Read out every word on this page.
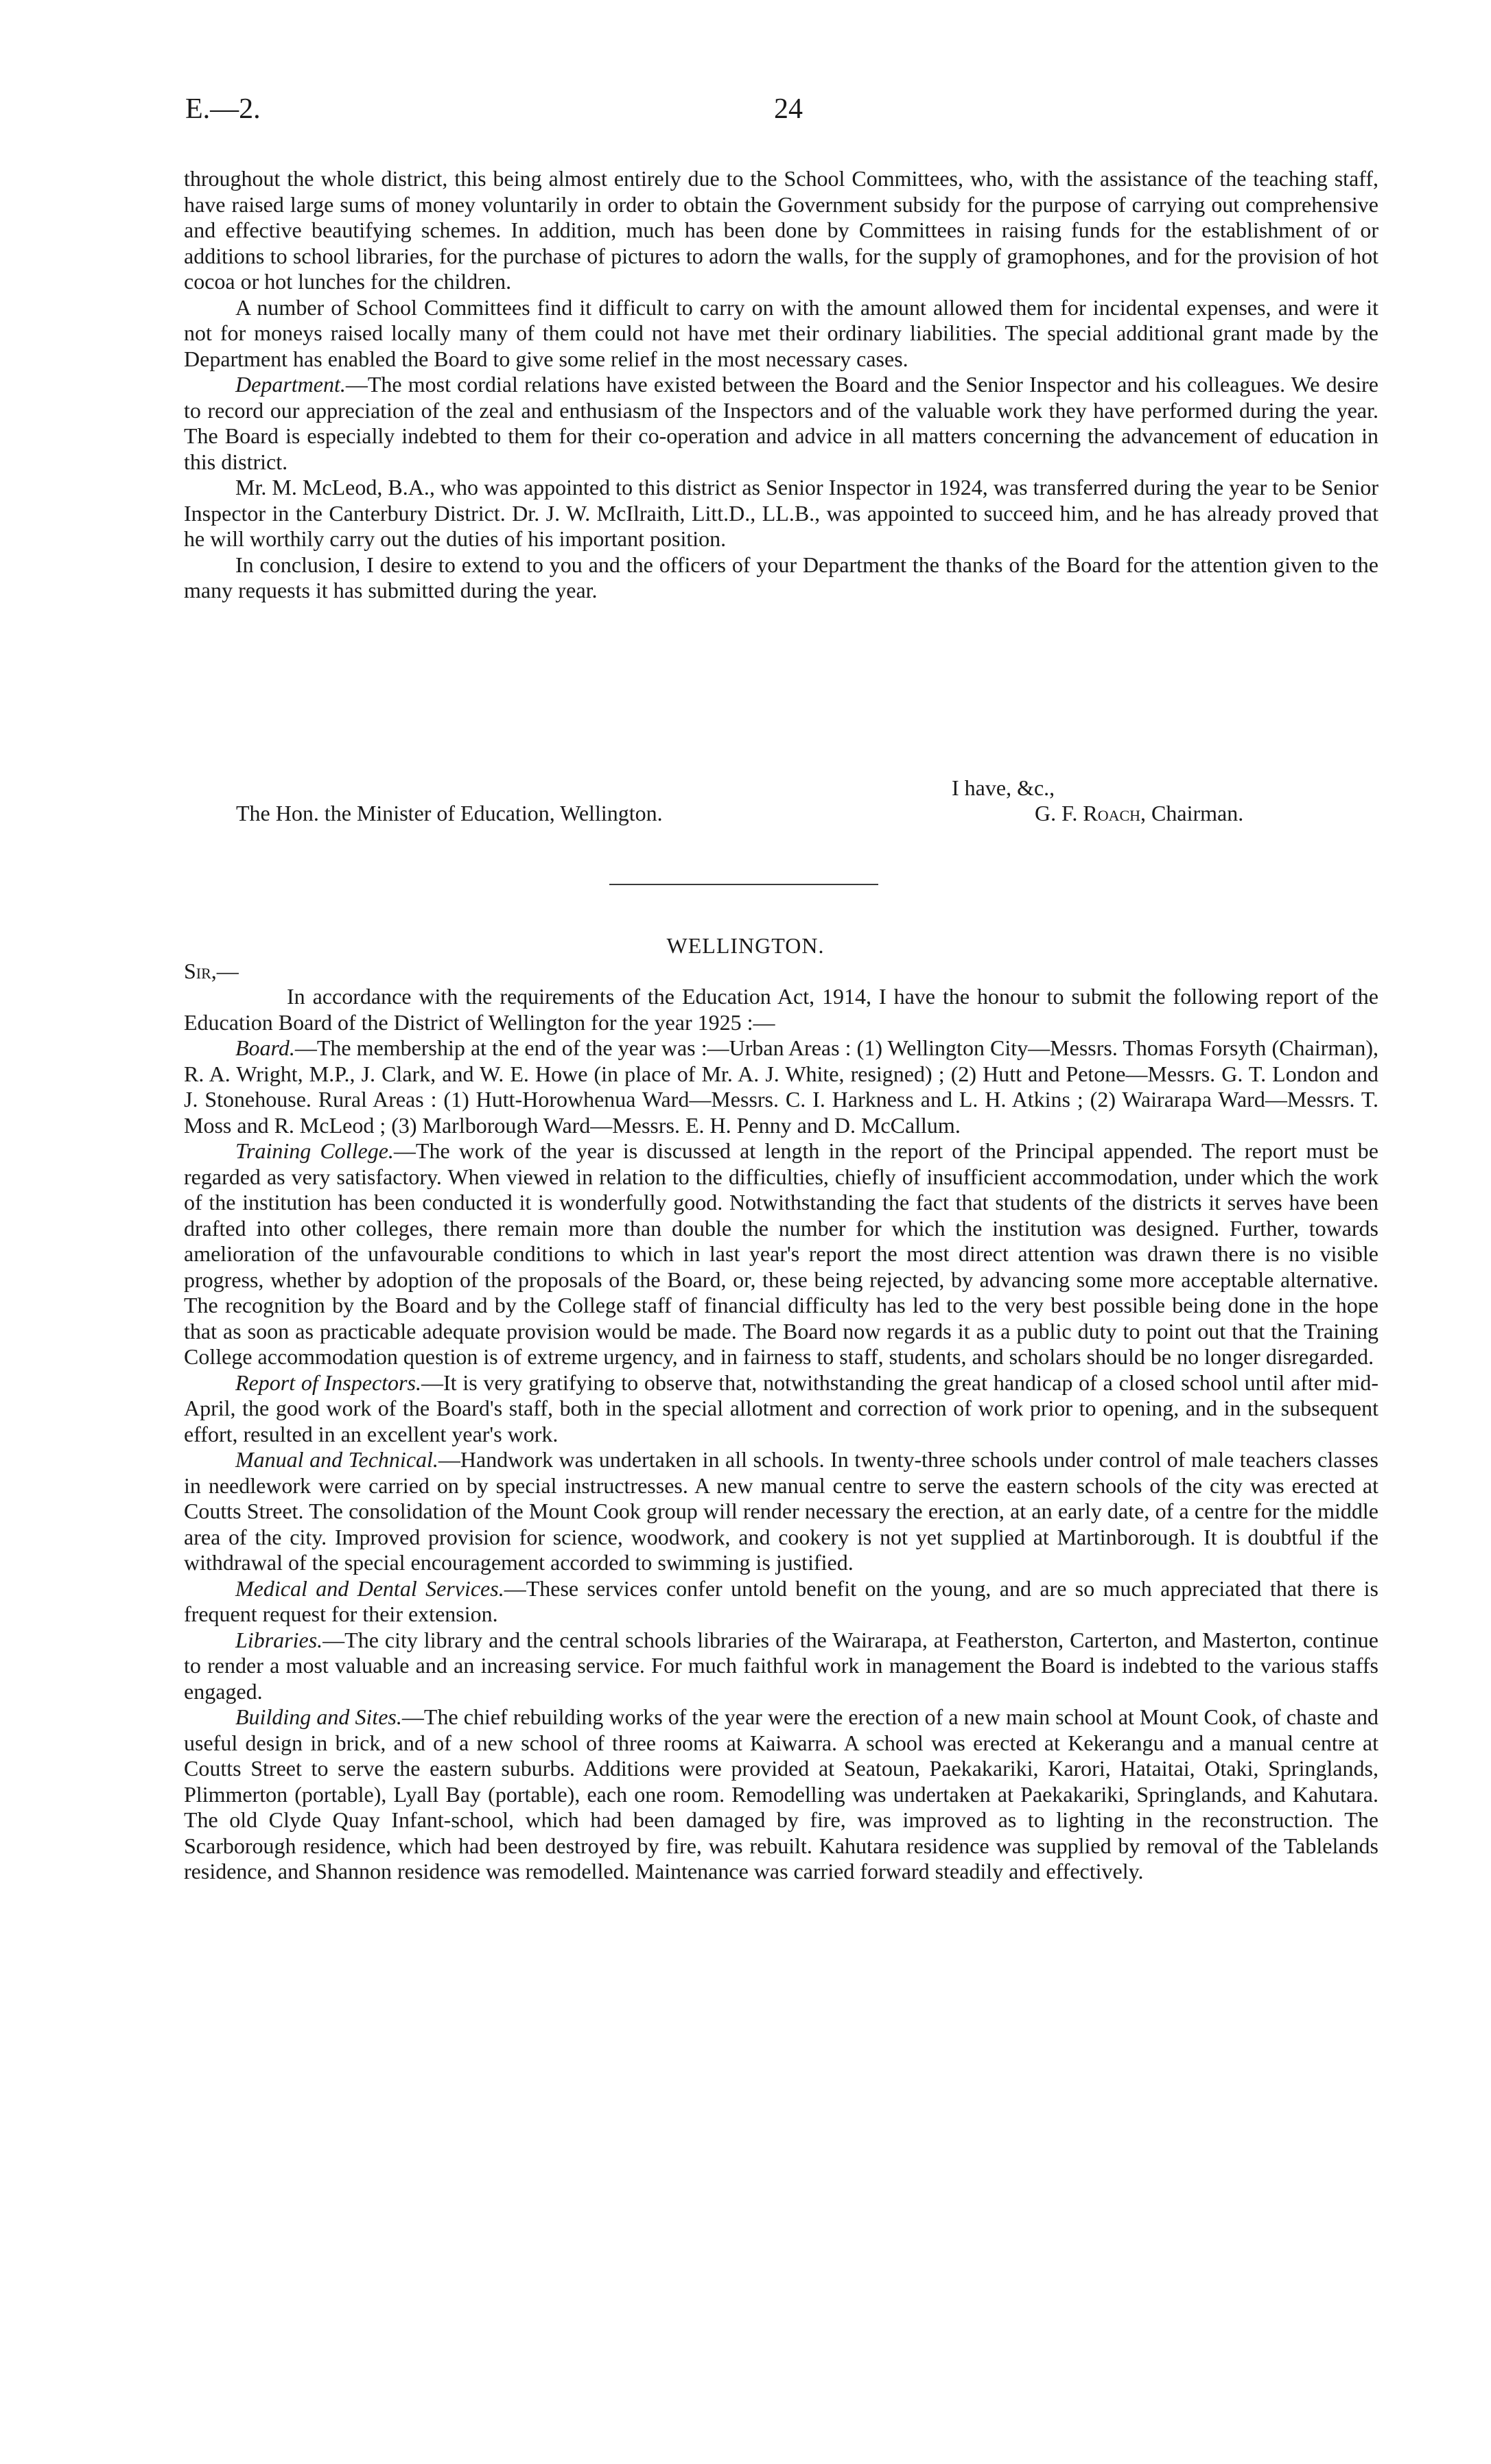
E.—2.	24

throughout the whole district, this being almost entirely due to the School Committees, who, with the assistance of the teaching staff, have raised large sums of money voluntarily in order to obtain the Government subsidy for the purpose of carrying out comprehensive and effective beautifying schemes. In addition, much has been done by Committees in raising funds for the establishment of or additions to school libraries, for the purchase of pictures to adorn the walls, for the supply of gramophones, and for the provision of hot cocoa or hot lunches for the children.

A number of School Committees find it difficult to carry on with the amount allowed them for incidental expenses, and were it not for moneys raised locally many of them could not have met their ordinary liabilities. The special additional grant made by the Department has enabled the Board to give some relief in the most necessary cases.

Department.—The most cordial relations have existed between the Board and the Senior Inspector and his colleagues. We desire to record our appreciation of the zeal and enthusiasm of the Inspectors and of the valuable work they have performed during the year. The Board is especially indebted to them for their co-operation and advice in all matters concerning the advancement of education in this district.

Mr. M. McLeod, B.A., who was appointed to this district as Senior Inspector in 1924, was transferred during the year to be Senior Inspector in the Canterbury District. Dr. J. W. McIlraith, Litt.D., LL.B., was appointed to succeed him, and he has already proved that he will worthily carry out the duties of his important position.

In conclusion, I desire to extend to you and the officers of your Department the thanks of the Board for the attention given to the many requests it has submitted during the year.

I have, &c.,
The Hon. the Minister of Education, Wellington.	G. F. Roach, Chairman.
WELLINGTON.
Sir,—

In accordance with the requirements of the Education Act, 1914, I have the honour to submit the following report of the Education Board of the District of Wellington for the year 1925 :—

Board.—The membership at the end of the year was :—Urban Areas : (1) Wellington City—Messrs. Thomas Forsyth (Chairman), R. A. Wright, M.P., J. Clark, and W. E. Howe (in place of Mr. A. J. White, resigned) ; (2) Hutt and Petone—Messrs. G. T. London and J. Stonehouse. Rural Areas : (1) Hutt-Horowhenua Ward—Messrs. C. I. Harkness and L. H. Atkins ; (2) Wairarapa Ward—Messrs. T. Moss and R. McLeod ; (3) Marlborough Ward—Messrs. E. H. Penny and D. McCallum.

Training College.—The work of the year is discussed at length in the report of the Principal appended. The report must be regarded as very satisfactory. When viewed in relation to the difficulties, chiefly of insufficient accommodation, under which the work of the institution has been conducted it is wonderfully good. Notwithstanding the fact that students of the districts it serves have been drafted into other colleges, there remain more than double the number for which the institution was designed. Further, towards amelioration of the unfavourable conditions to which in last year's report the most direct attention was drawn there is no visible progress, whether by adoption of the proposals of the Board, or, these being rejected, by advancing some more acceptable alternative. The recognition by the Board and by the College staff of financial difficulty has led to the very best possible being done in the hope that as soon as practicable adequate provision would be made. The Board now regards it as a public duty to point out that the Training College accommodation question is of extreme urgency, and in fairness to staff, students, and scholars should be no longer disregarded.

Report of Inspectors.—It is very gratifying to observe that, notwithstanding the great handicap of a closed school until after mid-April, the good work of the Board's staff, both in the special allotment and correction of work prior to opening, and in the subsequent effort, resulted in an excellent year's work.

Manual and Technical.—Handwork was undertaken in all schools. In twenty-three schools under control of male teachers classes in needlework were carried on by special instructresses. A new manual centre to serve the eastern schools of the city was erected at Coutts Street. The consolidation of the Mount Cook group will render necessary the erection, at an early date, of a centre for the middle area of the city. Improved provision for science, woodwork, and cookery is not yet supplied at Martinborough. It is doubtful if the withdrawal of the special encouragement accorded to swimming is justified.

Medical and Dental Services.—These services confer untold benefit on the young, and are so much appreciated that there is frequent request for their extension.

Libraries.—The city library and the central schools libraries of the Wairarapa, at Featherston, Carterton, and Masterton, continue to render a most valuable and an increasing service. For much faithful work in management the Board is indebted to the various staffs engaged.

Building and Sites.—The chief rebuilding works of the year were the erection of a new main school at Mount Cook, of chaste and useful design in brick, and of a new school of three rooms at Kaiwarra. A school was erected at Kekerangu and a manual centre at Coutts Street to serve the eastern suburbs. Additions were provided at Seatoun, Paekakariki, Karori, Hataitai, Otaki, Springlands, Plimmerton (portable), Lyall Bay (portable), each one room. Remodelling was undertaken at Paekakariki, Springlands, and Kahutara. The old Clyde Quay Infant-school, which had been damaged by fire, was improved as to lighting in the reconstruction. The Scarborough residence, which had been destroyed by fire, was rebuilt. Kahutara residence was supplied by removal of the Tablelands residence, and Shannon residence was remodelled. Maintenance was carried forward steadily and effectively.
